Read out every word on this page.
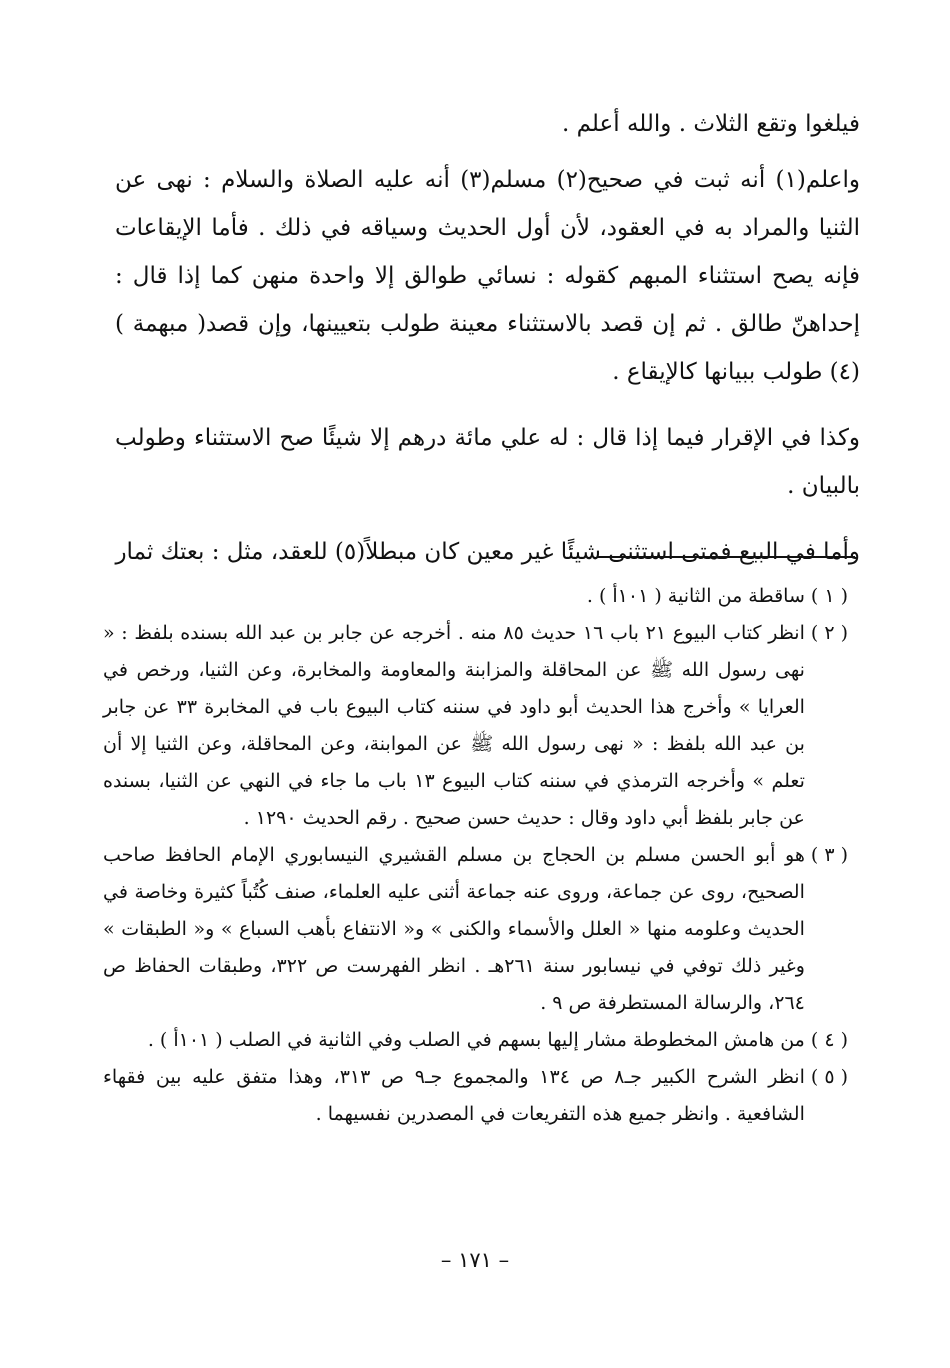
فيلغوا وتقع الثلاث . والله أعلم .

واعلم(١) أنه ثبت في صحيح(٢) مسلم(٣) أنه عليه الصلاة والسلام : نهى عن الثنيا والمراد به في العقود، لأن أول الحديث وسياقه في ذلك . فأما الإيقاعات فإنه يصح استثناء المبهم كقوله : نسائي طوالق إلا واحدة منهن كما إذا قال : إحداهنّ طالق . ثم إن قصد بالاستثناء معينة طولب بتعيينها، وإن قصد( مبهمة )(٤) طولب ببيانها كالإيقاع .

وكذا في الإقرار فيما إذا قال : له علي مائة درهم إلا شيئًا صح الاستثناء وطولب بالبيان .

وأما في البيع فمتى استثنى شيئًا غير معين كان مبطلاً(٥) للعقد، مثل : بعتك ثمار

( ١ )
ساقطة من الثانية ( ١٠١أ ) .
( ٢ )
انظر كتاب البيوع ٢١ باب ١٦ حديث ٨٥ منه . أخرجه عن جابر بن عبد الله بسنده بلفظ : « نهى رسول الله ﷺ عن المحاقلة والمزابنة والمعاومة والمخابرة، وعن الثنيا، ورخص في العرايا » وأخرج هذا الحديث أبو داود في سننه كتاب البيوع باب في المخابرة ٣٣ عن جابر بن عبد الله بلفظ : « نهى رسول الله ﷺ عن الموابنة، وعن المحاقلة، وعن الثنيا إلا أن تعلم » وأخرجه الترمذي في سننه كتاب البيوع ١٣ باب ما جاء في النهي عن الثنيا، بسنده عن جابر بلفظ أبي داود وقال : حديث حسن صحيح . رقم الحديث ١٢٩٠ .
( ٣ )
هو أبو الحسن مسلم بن الحجاج بن مسلم القشيري النيسابوري الإمام الحافظ صاحب الصحيح، روى عن جماعة، وروى عنه جماعة أثنى عليه العلماء، صنف كُتُباً كثيرة وخاصة في الحديث وعلومه منها « العلل والأسماء والكنى » و« الانتفاع بأهب السباع » و« الطبقات » وغير ذلك توفي في نيسابور سنة ٢٦١هـ . انظر الفهرست ص ٣٢٢، وطبقات الحفاظ ص ٢٦٤، والرسالة المستطرفة ص ٩ .
( ٤ )
من هامش المخطوطة مشار إليها بسهم في الصلب وفي الثانية في الصلب ( ١٠١أ ) .
( ٥ )
انظر الشرح الكبير جـ٨ ص ١٣٤ والمجموع جـ٩ ص ٣١٣، وهذا متفق عليه بين فقهاء الشافعية . وانظر جميع هذه التفريعات في المصدرين نفسيهما .
– ١٧١ –
